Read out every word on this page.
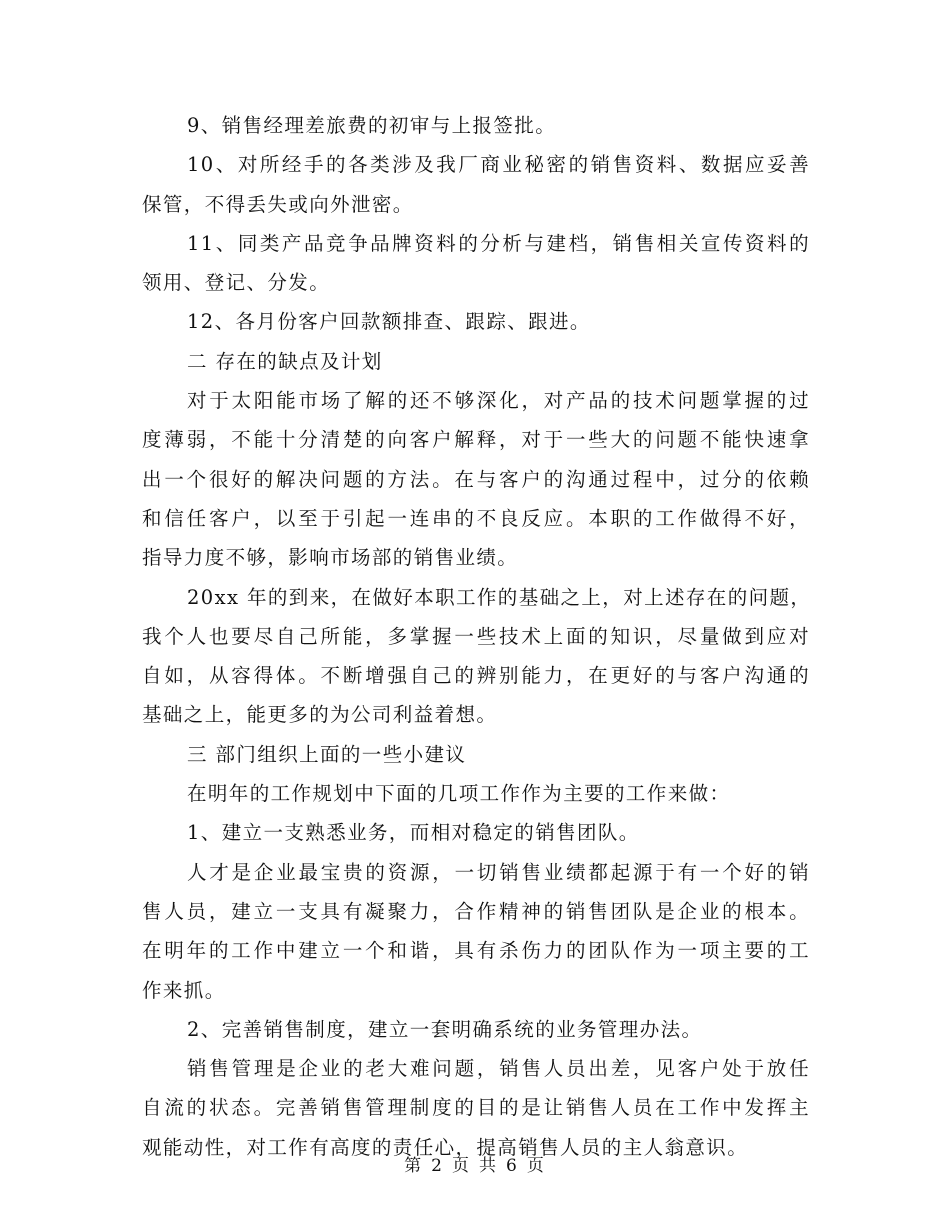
9、销售经理差旅费的初审与上报签批。
10、对所经手的各类涉及我厂商业秘密的销售资料、数据应妥善
保管，不得丢失或向外泄密。
11、同类产品竞争品牌资料的分析与建档，销售相关宣传资料的
领用、登记、分发。
12、各月份客户回款额排查、跟踪、跟进。
二 存在的缺点及计划
对于太阳能市场了解的还不够深化，对产品的技术问题掌握的过
度薄弱，不能十分清楚的向客户解释，对于一些大的问题不能快速拿
出一个很好的解决问题的方法。在与客户的沟通过程中，过分的依赖
和信任客户，以至于引起一连串的不良反应。本职的工作做得不好，
指导力度不够，影响市场部的销售业绩。
20xx 年的到来，在做好本职工作的基础之上，对上述存在的问题，
我个人也要尽自己所能，多掌握一些技术上面的知识，尽量做到应对
自如，从容得体。不断增强自己的辨别能力，在更好的与客户沟通的
基础之上，能更多的为公司利益着想。
三 部门组织上面的一些小建议
在明年的工作规划中下面的几项工作作为主要的工作来做：
1、建立一支熟悉业务，而相对稳定的销售团队。
人才是企业最宝贵的资源，一切销售业绩都起源于有一个好的销
售人员，建立一支具有凝聚力，合作精神的销售团队是企业的根本。
在明年的工作中建立一个和谐，具有杀伤力的团队作为一项主要的工
作来抓。
2、完善销售制度，建立一套明确系统的业务管理办法。
销售管理是企业的老大难问题，销售人员出差，见客户处于放任
自流的状态。完善销售管理制度的目的是让销售人员在工作中发挥主
观能动性，对工作有高度的责任心，提高销售人员的主人翁意识。
第 2 页 共 6 页
